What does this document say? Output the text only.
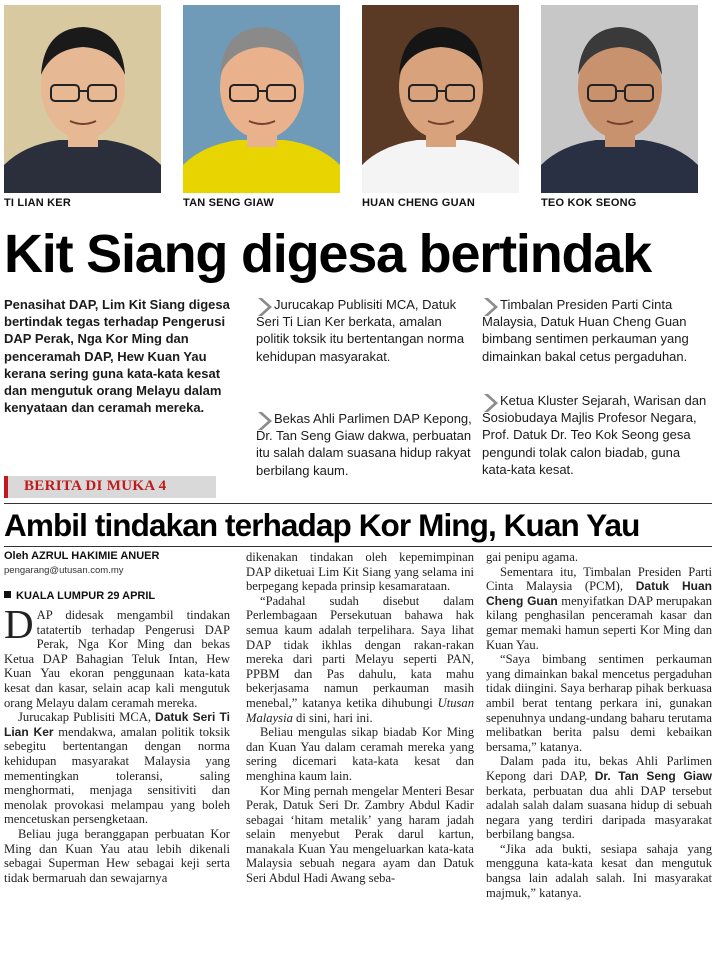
TI LIAN KER	TAN SENG GIAW	HUAN CHENG GUAN	TEO KOK SEONG
Kit Siang digesa bertindak
Penasihat DAP, Lim Kit Siang digesa bertindak tegas terhadap Pengerusi DAP Perak, Nga Kor Ming dan penceramah DAP, Hew Kuan Yau kerana sering guna kata-kata kesat dan mengutuk orang Melayu dalam kenyataan dan ceramah mereka.
Jurucakap Publisiti MCA, Datuk Seri Ti Lian Ker berkata, amalan politik toksik itu bertentangan norma kehidupan masyarakat.
Bekas Ahli Parlimen DAP Kepong, Dr. Tan Seng Giaw dakwa, perbuatan itu salah dalam suasana hidup rakyat berbilang kaum.
Timbalan Presiden Parti Cinta Malaysia, Datuk Huan Cheng Guan bimbang sentimen perkauman yang dimainkan bakal cetus pergaduhan.
Ketua Kluster Sejarah, Warisan dan Sosiobudaya Majlis Profesor Negara, Prof. Datuk Dr. Teo Kok Seong gesa pengundi tolak calon biadab, guna kata-kata kesat.
BERITA DI MUKA 4
Ambil tindakan terhadap Kor Ming, Kuan Yau
Oleh AZRUL HAKIMIE ANUER
pengarang@utusan.com.my
KUALA LUMPUR 29 APRIL

DAP didesak mengambil tindakan tatatertib terhadap Pengerusi DAP Perak, Nga Kor Ming dan bekas Ketua DAP Bahagian Teluk Intan, Hew Kuan Yau ekoran penggunaan kata-kata kesat dan kasar, selain acap kali mengutuk orang Melayu dalam ceramah mereka.

Jurucakap Publisiti MCA, Datuk Seri Ti Lian Ker mendakwa, amalan politik toksik sebegitu bertentangan dengan norma kehidupan masyarakat Malaysia yang mementingkan toleransi, saling menghormati, menjaga sensitiviti dan menolak provokasi melampau yang boleh mencetuskan persengketaan.

Beliau juga beranggapan perbuatan Kor Ming dan Kuan Yau atau lebih dikenali sebagai Superman Hew sebagai keji serta tidak bermaruah dan sewajarnya

dikenakan tindakan oleh kepemimpinan DAP diketuai Lim Kit Siang yang selama ini berpegang kepada prinsip kesamarataan.

“Padahal sudah disebut dalam Perlembagaan Persekutuan bahawa hak semua kaum adalah terpelihara. Saya lihat DAP tidak ikhlas dengan rakan-rakan mereka dari parti Melayu seperti PAN, PPBM dan Pas dahulu, kata mahu bekerjasama namun perkauman masih menebal,” katanya ketika dihubungi Utusan Malaysia di sini, hari ini.

Beliau mengulas sikap biadab Kor Ming dan Kuan Yau dalam ceramah mereka yang sering dicemari kata-kata kesat dan menghina kaum lain.

Kor Ming pernah mengelar Menteri Besar Perak, Datuk Seri Dr. Zambry Abdul Kadir sebagai ‘hitam metalik’ yang haram jadah selain menyebut Perak darul kartun, manakala Kuan Yau mengeluarkan kata-kata Malaysia sebuah negara ayam dan Datuk Seri Abdul Hadi Awang seba-

gai penipu agama.

Sementara itu, Timbalan Presiden Parti Cinta Malaysia (PCM), Datuk Huan Cheng Guan menyifatkan DAP merupakan kilang penghasilan penceramah kasar dan gemar memaki hamun seperti Kor Ming dan Kuan Yau.

“Saya bimbang sentimen perkauman yang dimainkan bakal mencetus pergaduhan tidak diingini. Saya berharap pihak berkuasa ambil berat tentang perkara ini, gunakan sepenuhnya undang-undang baharu terutama melibatkan berita palsu demi kebaikan bersama,” katanya.

Dalam pada itu, bekas Ahli Parlimen Kepong dari DAP, Dr. Tan Seng Giaw berkata, perbuatan dua ahli DAP tersebut adalah salah dalam suasana hidup di sebuah negara yang terdiri daripada masyarakat berbilang bangsa.

“Jika ada bukti, sesiapa sahaja yang mengguna kata-kata kesat dan mengutuk bangsa lain adalah salah. Ini masyarakat majmuk,” katanya.
